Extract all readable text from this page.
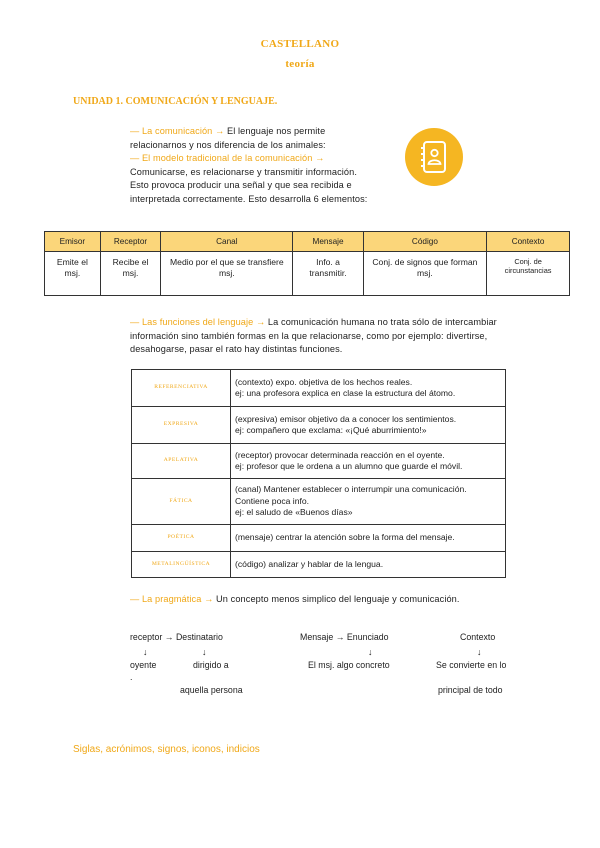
CASTELLANO
teoría
UNIDAD 1. COMUNICACIÓN Y LENGUAJE.
— La comunicación → El lenguaje nos permite
relacionarnos y nos diferencia de los animales:
— El modelo tradicional de la comunicación →
Comunicarse, es relacionarse y transmitir información.
Esto provoca producir una señal y que sea recibida e
interpretada correctamente. Esto desarrolla 6 elementos:
Emisor	Receptor	Canal	Mensaje	Código	Contexto
Emite el msj.	Recibe el msj.	Medio por el que se transfiere msj.	Info. a transmitir.	Conj. de signos que forman msj.	Conj. de circunstancias
— Las funciones del lenguaje → La comunicación humana no trata sólo de intercambiar
información sino también formas en la que relacionarse, como por ejemplo: divertirse,
desahogarse, pasar el rato hay distintas funciones.
REFERENCIATIVA	(contexto) expo. objetiva de los hechos reales.
ej: una profesora explica en clase la estructura del átomo.

EXPRESIVA	(expresiva) emisor objetivo da a conocer los sentimientos.
ej: compañero que exclama: «¡Qué aburrimiento!»

APELATIVA	(receptor) provocar determinada reacción en el oyente.
ej: profesor que le ordena a un alumno que guarde el móvil.

FÁTICA	(canal) Mantener establecer o interrumpir una comunicación.
Contiene poca info.
ej: el saludo de «Buenos días»

POÉTICA	(mensaje) centrar la atención sobre la forma del mensaje.

METALINGÜÍSTICA	(código) analizar y hablar de la lengua.
— La pragmática → Un concepto menos simplico del lenguaje y comunicación.
receptor → Destinatario
↓	↓
oyente	dirigido a
.
aquella persona
Mensaje → Enunciado
↓
El msj. algo concreto
Contexto
↓
Se convierte en lo
principal de todo
Siglas, acrónimos, signos, iconos, indicios
